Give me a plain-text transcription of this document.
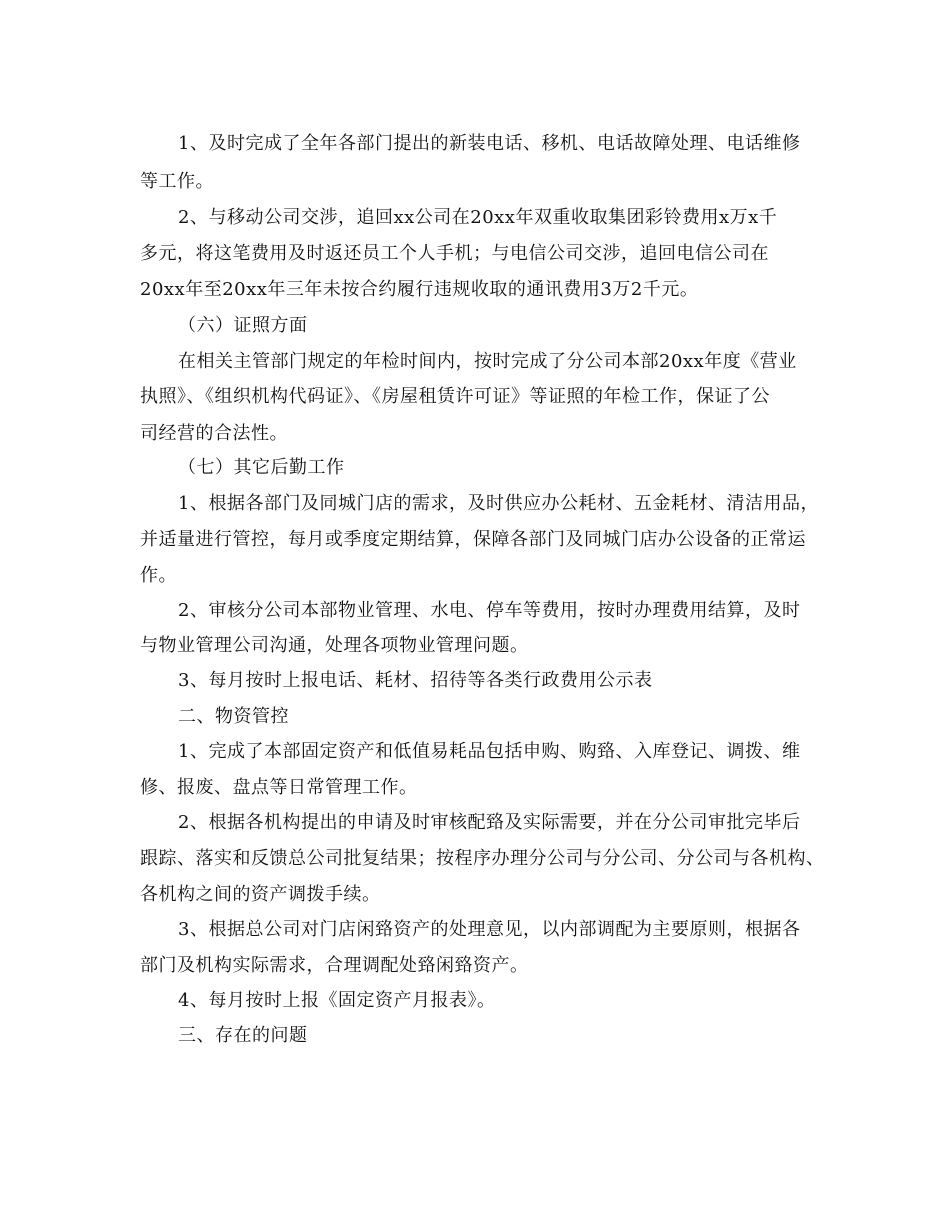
1、及时完成了全年各部门提出的新装电话、移机、电话故障处理、电话维修
等工作。
2、与移动公司交涉，追回xx公司在20xx年双重收取集团彩铃费用x万x千
多元，将这笔费用及时返还员工个人手机；与电信公司交涉，追回电信公司在
20xx年至20xx年三年未按合约履行违规收取的通讯费用3万2千元。
（六）证照方面
在相关主管部门规定的年检时间内，按时完成了分公司本部20xx年度《营业
执照》、《组织机构代码证》、《房屋租赁许可证》等证照的年检工作，保证了公
司经营的合法性。
（七）其它后勤工作
1、根据各部门及同城门店的需求，及时供应办公耗材、五金耗材、清洁用品，
并适量进行管控，每月或季度定期结算，保障各部门及同城门店办公设备的正常运
作。
2、审核分公司本部物业管理、水电、停车等费用，按时办理费用结算，及时
与物业管理公司沟通，处理各项物业管理问题。
3、每月按时上报电话、耗材、招待等各类行政费用公示表
二、物资管控
1、完成了本部固定资产和低值易耗品包括申购、购臵、入库登记、调拨、维
修、报废、盘点等日常管理工作。
2、根据各机构提出的申请及时审核配臵及实际需要，并在分公司审批完毕后
跟踪、落实和反馈总公司批复结果；按程序办理分公司与分公司、分公司与各机构、
各机构之间的资产调拨手续。
3、根据总公司对门店闲臵资产的处理意见，以内部调配为主要原则，根据各
部门及机构实际需求，合理调配处臵闲臵资产。
4、每月按时上报《固定资产月报表》。
三、存在的问题
